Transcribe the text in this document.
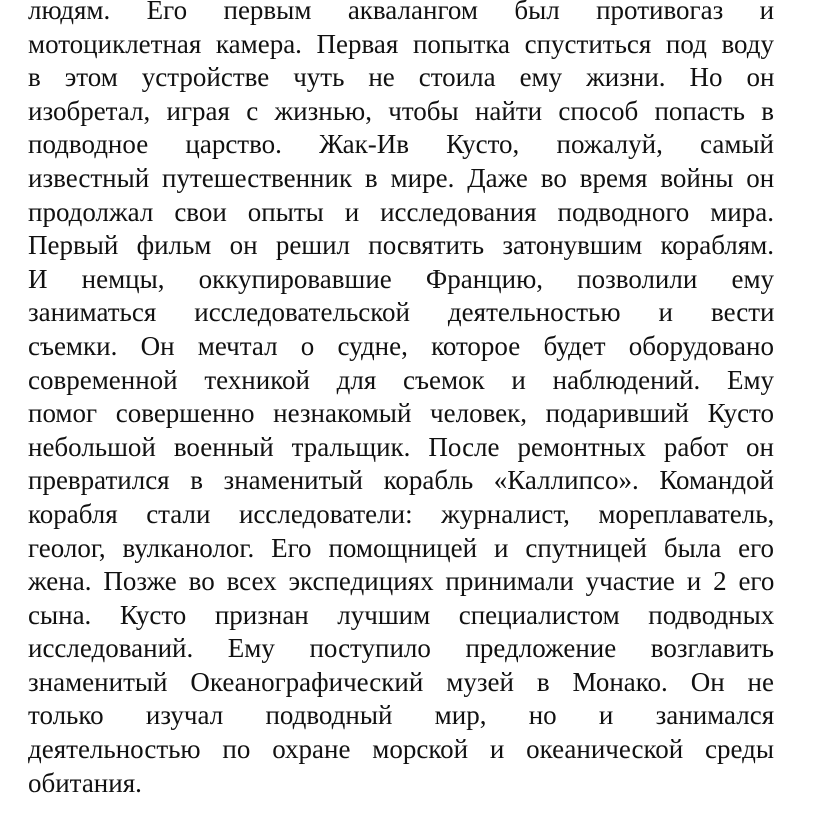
людям. Его первым аквалангом был противогаз и
мотоциклетная камера. Первая попытка спуститься под воду
в этом устройстве чуть не стоила ему жизни. Но он
изобретал, играя с жизнью, чтобы найти способ попасть в
подводное царство. Жак-Ив Кусто, пожалуй, самый
известный путешественник в мире. Даже во время войны он
продолжал свои опыты и исследования подводного мира.
Первый фильм он решил посвятить затонувшим кораблям.
И немцы, оккупировавшие Францию, позволили ему
заниматься исследовательской деятельностью и вести
съемки. Он мечтал о судне, которое будет оборудовано
современной техникой для съемок и наблюдений. Ему
помог совершенно незнакомый человек, подаривший Кусто
небольшой военный тральщик. После ремонтных работ он
превратился в знаменитый корабль «Каллипсо». Командой
корабля стали исследователи: журналист, мореплаватель,
геолог, вулканолог. Его помощницей и спутницей была его
жена. Позже во всех экспедициях принимали участие и 2 его
сына. Кусто признан лучшим специалистом подводных
исследований. Ему поступило предложение возглавить
знаменитый Океанографический музей в Монако. Он не
только изучал подводный мир, но и занимался
деятельностью по охране морской и океанической среды
обитания.
